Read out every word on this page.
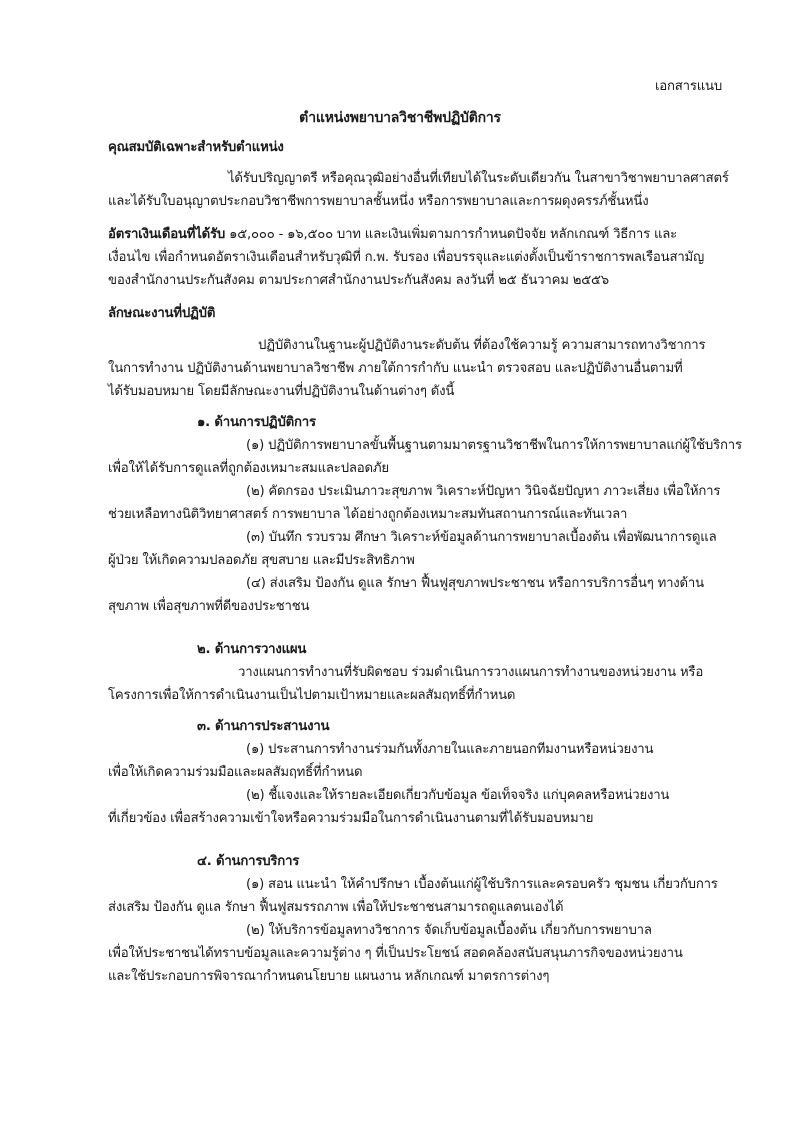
เอกสารแนบ
ตำแหน่งพยาบาลวิชาชีพปฏิบัติการ
คุณสมบัติเฉพาะสำหรับตำแหน่ง
ได้รับปริญญาตรี หรือคุณวุฒิอย่างอื่นที่เทียบได้ในระดับเดียวกัน ในสาขาวิชาพยาบาลศาสตร์
และได้รับใบอนุญาตประกอบวิชาชีพการพยาบาลชั้นหนึ่ง หรือการพยาบาลและการผดุงครรภ์ชั้นหนึ่ง
อัตราเงินเดือนที่ได้รับ ๑๕,๐๐๐ - ๑๖,๕๐๐ บาท และเงินเพิ่มตามการกำหนดปัจจัย หลักเกณฑ์ วิธีการ และ
เงื่อนไข เพื่อกำหนดอัตราเงินเดือนสำหรับวุฒิที่ ก.พ. รับรอง เพื่อบรรจุและแต่งตั้งเป็นข้าราชการพลเรือนสามัญ
ของสำนักงานประกันสังคม ตามประกาศสำนักงานประกันสังคม ลงวันที่ ๒๕ ธันวาคม ๒๕๕๖
ลักษณะงานที่ปฏิบัติ
ปฏิบัติงานในฐานะผู้ปฏิบัติงานระดับต้น ที่ต้องใช้ความรู้ ความสามารถทางวิชาการ
ในการทำงาน ปฏิบัติงานด้านพยาบาลวิชาชีพ ภายใต้การกำกับ แนะนำ ตรวจสอบ และปฏิบัติงานอื่นตามที่
ได้รับมอบหมาย โดยมีลักษณะงานที่ปฏิบัติงานในด้านต่างๆ ดังนี้
๑. ด้านการปฏิบัติการ
(๑) ปฏิบัติการพยาบาลขั้นพื้นฐานตามมาตรฐานวิชาชีพในการให้การพยาบาลแก่ผู้ใช้บริการ
เพื่อให้ได้รับการดูแลที่ถูกต้องเหมาะสมและปลอดภัย
(๒) คัดกรอง ประเมินภาวะสุขภาพ วิเคราะห์ปัญหา วินิจฉัยปัญหา ภาวะเสี่ยง เพื่อให้การ
ช่วยเหลือทางนิติวิทยาศาสตร์ การพยาบาล ได้อย่างถูกต้องเหมาะสมทันสถานการณ์และทันเวลา
(๓) บันทึก รวบรวม ศึกษา วิเคราะห์ข้อมูลด้านการพยาบาลเบื้องต้น เพื่อพัฒนาการดูแล
ผู้ป่วย ให้เกิดความปลอดภัย สุขสบาย และมีประสิทธิภาพ
(๔) ส่งเสริม ป้องกัน ดูแล รักษา ฟื้นฟูสุขภาพประชาชน หรือการบริการอื่นๆ ทางด้าน
สุขภาพ เพื่อสุขภาพที่ดีของประชาชน
๒. ด้านการวางแผน
วางแผนการทำงานที่รับผิดชอบ ร่วมดำเนินการวางแผนการทำงานของหน่วยงาน หรือ
โครงการเพื่อให้การดำเนินงานเป็นไปตามเป้าหมายและผลสัมฤทธิ์ที่กำหนด
๓. ด้านการประสานงาน
(๑) ประสานการทำงานร่วมกันทั้งภายในและภายนอกทีมงานหรือหน่วยงาน
เพื่อให้เกิดความร่วมมือและผลสัมฤทธิ์ที่กำหนด
(๒) ชี้แจงและให้รายละเอียดเกี่ยวกับข้อมูล ข้อเท็จจริง แก่บุคคลหรือหน่วยงาน
ที่เกี่ยวข้อง เพื่อสร้างความเข้าใจหรือความร่วมมือในการดำเนินงานตามที่ได้รับมอบหมาย
๔. ด้านการบริการ
(๑) สอน แนะนำ ให้คำปรึกษา เบื้องต้นแก่ผู้ใช้บริการและครอบครัว ชุมชน เกี่ยวกับการ
ส่งเสริม ป้องกัน ดูแล รักษา ฟื้นฟูสมรรถภาพ เพื่อให้ประชาชนสามารถดูแลตนเองได้
(๒) ให้บริการข้อมูลทางวิชาการ จัดเก็บข้อมูลเบื้องต้น เกี่ยวกับการพยาบาล
เพื่อให้ประชาชนได้ทราบข้อมูลและความรู้ต่าง ๆ ที่เป็นประโยชน์ สอดคล้องสนับสนุนภารกิจของหน่วยงาน
และใช้ประกอบการพิจารณากำหนดนโยบาย แผนงาน หลักเกณฑ์ มาตรการต่างๆ
